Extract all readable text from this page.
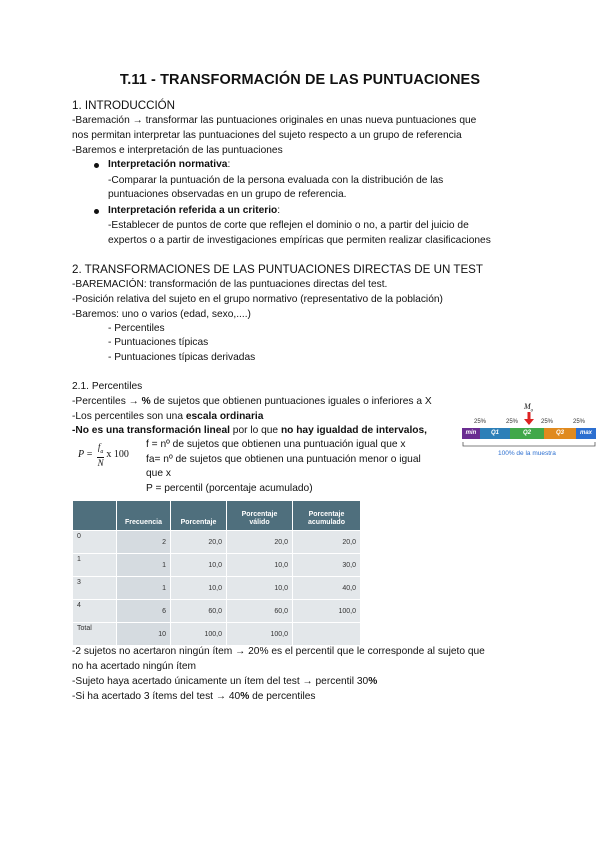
T.11 - TRANSFORMACIÓN DE LAS PUNTUACIONES
1. INTRODUCCIÓN
-Baremación → transformar las puntuaciones originales en unas nueva puntuaciones que
nos permitan interpretar las puntuaciones del sujeto respecto a un grupo de referencia
-Baremos e interpretación de las puntuaciones
Interpretación normativa:
-Comparar la puntuación de la persona evaluada con la distribución de las
puntuaciones observadas en un grupo de referencia.
Interpretación referida a un criterio:
-Establecer de puntos de corte que reflejen el dominio o no, a partir del juicio de
expertos o a partir de investigaciones empíricas que permiten realizar clasificaciones
2. TRANSFORMACIONES DE LAS PUNTUACIONES DIRECTAS DE UN TEST
-BAREMACIÓN: transformación de las puntuaciones directas del test.
-Posición relativa del sujeto en el grupo normativo (representativo de la población)
-Baremos: uno o varios (edad, sexo,....)
- Percentiles
- Puntuaciones típicas
- Puntuaciones típicas derivadas
2.1. Percentiles
-Percentiles → % de sujetos que obtienen puntuaciones iguales o inferiores a X
-Los percentiles son una escala ordinaria
-No es una transformación lineal por lo que no hay igualdad de intervalos,
$P = \frac{f_a}{N}$ x 100
f = nº de sujetos que obtienen una puntuación igual que x
fa= nº de sujetos que obtienen una puntuación menor o igual
que x
P = percentil (porcentaje acumulado)
$M_o$
25%	25%	25%	25%
min	Q1	Q2	Q3	max
100% de la muestra
	Frecuencia	Porcentaje	Porcentaje válido	Porcentaje acumulado
0	2	20,0	20,0	20,0
1	1	10,0	10,0	30,0
3	1	10,0	10,0	40,0
4	6	60,0	60,0	100,0
Total	10	100,0	100,0	
-2 sujetos no acertaron ningún ítem → 20% es el percentil que le corresponde al sujeto que
no ha acertado ningún ítem
-Sujeto haya acertado únicamente un ítem del test → percentil 30%
-Si ha acertado 3 ítems del test → 40% de percentiles
